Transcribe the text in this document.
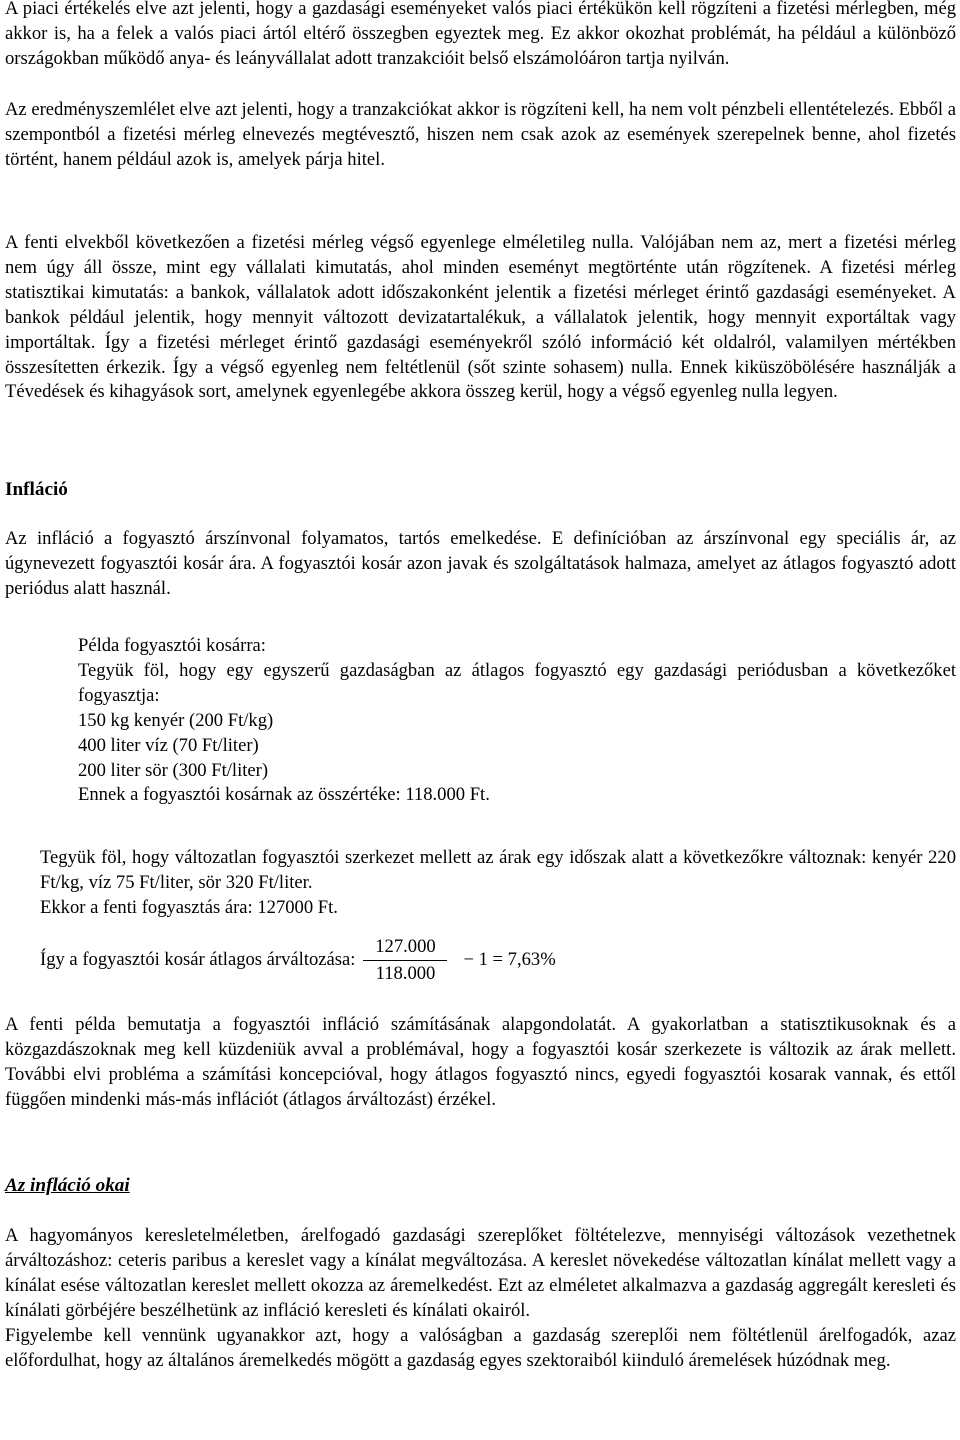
A piaci értékelés elve azt jelenti, hogy a gazdasági eseményeket valós piaci értékükön kell rögzíteni a fizetési mérlegben, még akkor is, ha a felek a valós piaci ártól eltérő összegben egyeztek meg. Ez akkor okozhat problémát, ha például a különböző országokban működő anya- és leányvállalat adott tranzakcióit belső elszámolóáron tartja nyilván.

Az eredményszemlélet elve azt jelenti, hogy a tranzakciókat akkor is rögzíteni kell, ha nem volt pénzbeli ellentételezés. Ebből a szempontból a fizetési mérleg elnevezés megtévesztő, hiszen nem csak azok az események szerepelnek benne, ahol fizetés történt, hanem például azok is, amelyek párja hitel.

A fenti elvekből következően a fizetési mérleg végső egyenlege elméletileg nulla. Valójában nem az, mert a fizetési mérleg nem úgy áll össze, mint egy vállalati kimutatás, ahol minden eseményt megtörténte után rögzítenek. A fizetési mérleg statisztikai kimutatás: a bankok, vállalatok adott időszakonként jelentik a fizetési mérleget érintő gazdasági eseményeket. A bankok például jelentik, hogy mennyit változott devizatartalékuk, a vállalatok jelentik, hogy mennyit exportáltak vagy importáltak. Így a fizetési mérleget érintő gazdasági eseményekről szóló információ két oldalról, valamilyen mértékben összesítetten érkezik. Így a végső egyenleg nem feltétlenül (sőt szinte sohasem) nulla. Ennek kiküszöbölésére használják a Tévedések és kihagyások sort, amelynek egyenlegébe akkora összeg kerül, hogy a végső egyenleg nulla legyen.

Infláció

Az infláció a fogyasztó árszínvonal folyamatos, tartós emelkedése. E definícióban az árszínvonal egy speciális ár, az úgynevezett fogyasztói kosár ára. A fogyasztói kosár azon javak és szolgáltatások halmaza, amelyet az átlagos fogyasztó adott periódus alatt használ.

Példa fogyasztói kosárra:

Tegyük föl, hogy egy egyszerű gazdaságban az átlagos fogyasztó egy gazdasági periódusban a következőket fogyasztja:

150 kg kenyér (200 Ft/kg)

400 liter víz (70 Ft/liter)

200 liter sör (300 Ft/liter)

Ennek a fogyasztói kosárnak az összértéke: 118.000 Ft.

Tegyük föl, hogy változatlan fogyasztói szerkezet mellett az árak egy időszak alatt a következőkre változnak: kenyér 220 Ft/kg, víz 75 Ft/liter, sör 320 Ft/liter.

Ekkor a fenti fogyasztás ára: 127000 Ft.

Így a fogyasztói kosár átlagos árváltozása: $\frac{127.000}{118.000} - 1 = 7,63\%$

A fenti példa bemutatja a fogyasztói infláció számításának alapgondolatát. A gyakorlatban a statisztikusoknak és a közgazdászoknak meg kell küzdeniük avval a problémával, hogy a fogyasztói kosár szerkezete is változik az árak mellett. További elvi probléma a számítási koncepcióval, hogy átlagos fogyasztó nincs, egyedi fogyasztói kosarak vannak, és ettől függően mindenki más-más inflációt (átlagos árváltozást) érzékel.

Az infláció okai

A hagyományos keresletelméletben, árelfogadó gazdasági szereplőket föltételezve, mennyiségi változások vezethetnek árváltozáshoz: ceteris paribus a kereslet vagy a kínálat megváltozása. A kereslet növekedése változatlan kínálat mellett vagy a kínálat esése változatlan kereslet mellett okozza az áremelkedést. Ezt az elméletet alkalmazva a gazdaság aggregált keresleti és kínálati görbéjére beszélhetünk az infláció keresleti és kínálati okairól.

Figyelembe kell vennünk ugyanakkor azt, hogy a valóságban a gazdaság szereplői nem föltétlenül árelfogadók, azaz előfordulhat, hogy az általános áremelkedés mögött a gazdaság egyes szektoraiból kiinduló áremelések húzódnak meg.
